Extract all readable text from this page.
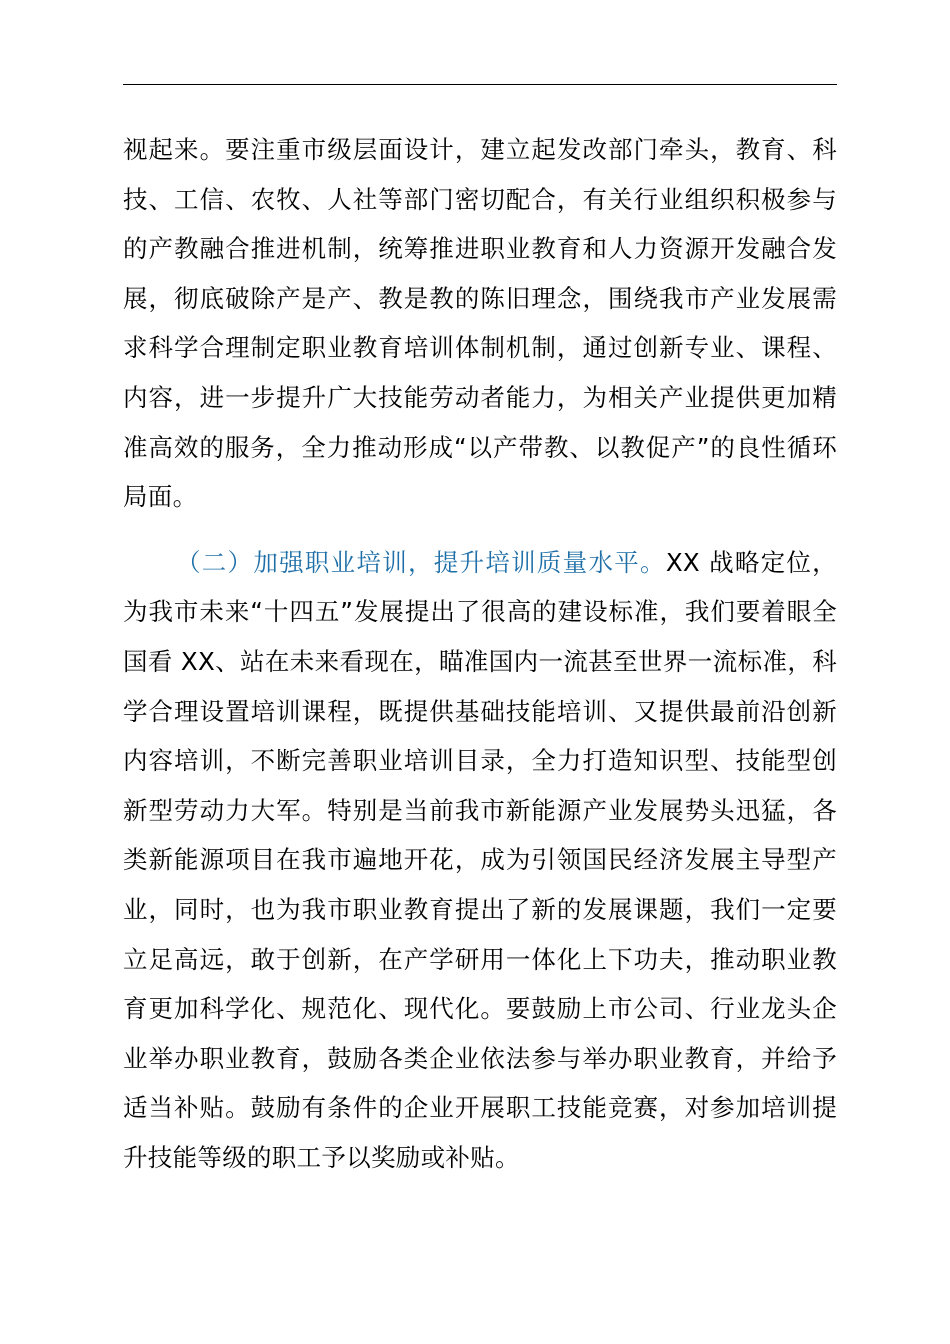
视起来。要注重市级层面设计，建立起发改部门牵头，教育、科技、工信、农牧、人社等部门密切配合，有关行业组织积极参与的产教融合推进机制，统筹推进职业教育和人力资源开发融合发展，彻底破除产是产、教是教的陈旧理念，围绕我市产业发展需求科学合理制定职业教育培训体制机制，通过创新专业、课程、内容，进一步提升广大技能劳动者能力，为相关产业提供更加精准高效的服务，全力推动形成“以产带教、以教促产”的良性循环局面。

（二）加强职业培训，提升培训质量水平。XX 战略定位，为我市未来“十四五”发展提出了很高的建设标准，我们要着眼全国看 XX、站在未来看现在，瞄准国内一流甚至世界一流标准，科学合理设置培训课程，既提供基础技能培训、又提供最前沿创新内容培训，不断完善职业培训目录，全力打造知识型、技能型创新型劳动力大军。特别是当前我市新能源产业发展势头迅猛，各类新能源项目在我市遍地开花，成为引领国民经济发展主导型产业，同时，也为我市职业教育提出了新的发展课题，我们一定要立足高远，敢于创新，在产学研用一体化上下功夫，推动职业教育更加科学化、规范化、现代化。要鼓励上市公司、行业龙头企业举办职业教育，鼓励各类企业依法参与举办职业教育，并给予适当补贴。鼓励有条件的企业开展职工技能竞赛，对参加培训提升技能等级的职工予以奖励或补贴。
